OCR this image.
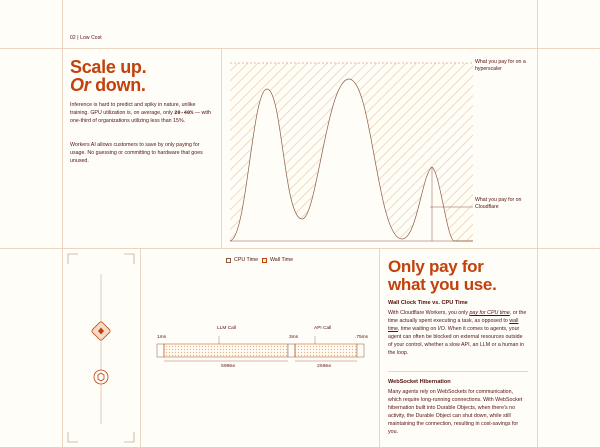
02 | Low Cost
Scale up.
Or down.
Inference is hard to predict and spiky in nature, unlike training. GPU utilization is, on average, only 20-40% — with one-third of organizations utilizing less than 15%.
Workers AI allows customers to save by only paying for usage. No guessing or committing to hardware that goes unused.
What you pay for on a hyperscaler
What you pay for on Cloudflare
CPU Time Wall Time
LLM Call	API Call
1ms	3ms	.75ms
500ms	250ms
Only pay for
what you use.
Wall Clock Time vs. CPU Time
With Cloudflare Workers, you only pay for CPU time, or the time actually spent executing a task, as opposed to wall time, time waiting on I/O. When it comes to agents, your agent can often be blocked on external resources outside of your control, whether a slow API, an LLM or a human in the loop.
WebSocket Hibernation
Many agents rely on WebSockets for communication, which require long-running connections. With WebSocket hibernation built into Durable Objects, when there's no activity, the Durable Object can shut down, while still maintaining the connection, resulting in cost-savings for you.
